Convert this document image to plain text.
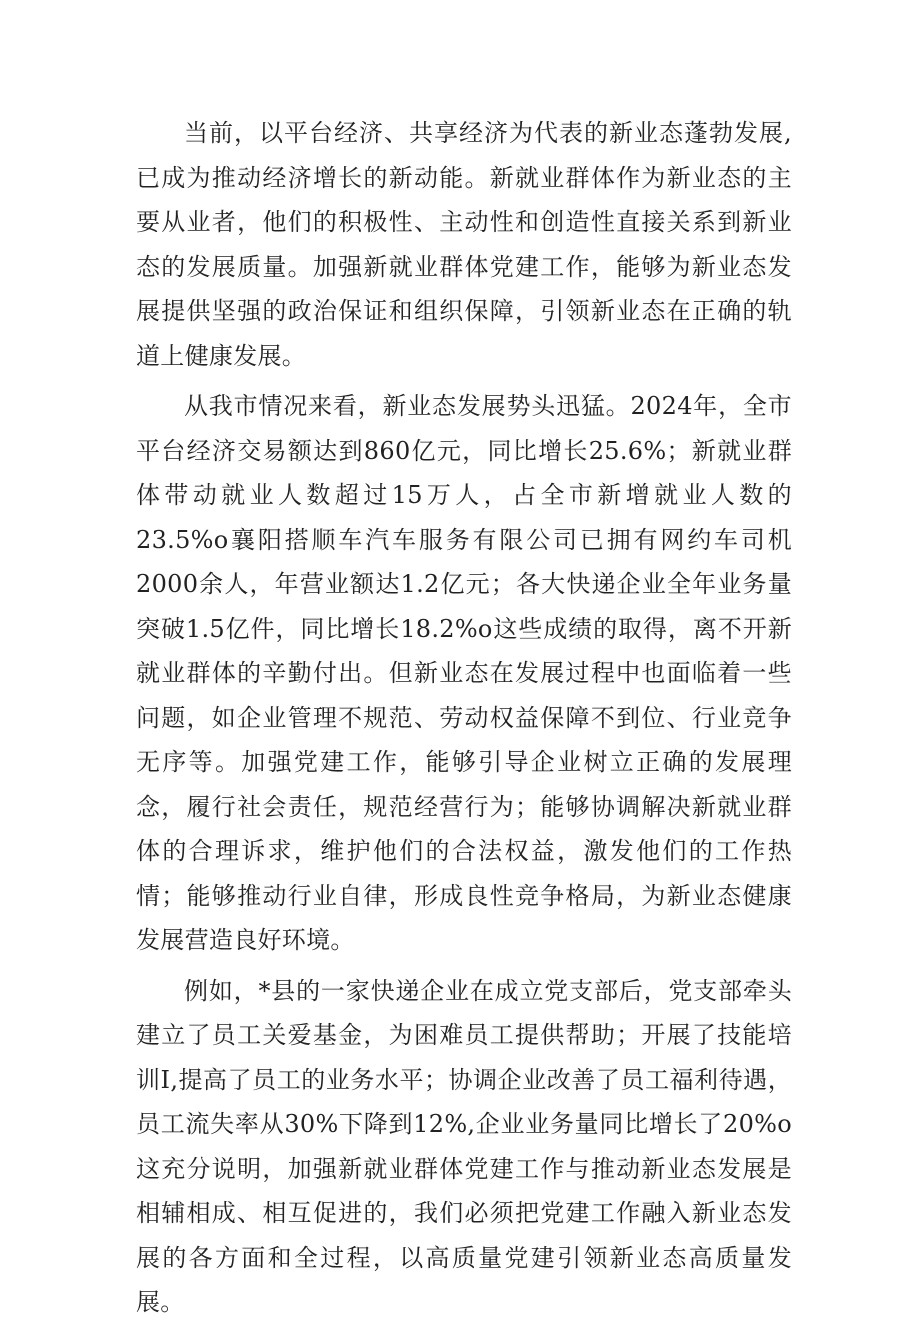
当前，以平台经济、共享经济为代表的新业态蓬勃发展,已成为推动经济增长的新动能。新就业群体作为新业态的主要从业者，他们的积极性、主动性和创造性直接关系到新业态的发展质量。加强新就业群体党建工作，能够为新业态发展提供坚强的政治保证和组织保障，引领新业态在正确的轨道上健康发展。

从我市情况来看，新业态发展势头迅猛。2024年，全市平台经济交易额达到860亿元，同比增长25.6%；新就业群体带动就业人数超过15万人，占全市新增就业人数的23.5%o襄阳搭顺车汽车服务有限公司已拥有网约车司机2000余人，年营业额达1.2亿元；各大快递企业全年业务量突破1.5亿件，同比增长18.2%o这些成绩的取得，离不开新就业群体的辛勤付出。但新业态在发展过程中也面临着一些问题，如企业管理不规范、劳动权益保障不到位、行业竞争无序等。加强党建工作，能够引导企业树立正确的发展理念，履行社会责任，规范经营行为；能够协调解决新就业群体的合理诉求，维护他们的合法权益，激发他们的工作热情；能够推动行业自律，形成良性竞争格局，为新业态健康发展营造良好环境。

例如，*县的一家快递企业在成立党支部后，党支部牵头建立了员工关爱基金，为困难员工提供帮助；开展了技能培训I,提高了员工的业务水平；协调企业改善了员工福利待遇，员工流失率从30%下降到12%,企业业务量同比增长了20%o这充分说明，加强新就业群体党建工作与推动新业态发展是相辅相成、相互促进的，我们必须把党建工作融入新业态发展的各方面和全过程，以高质量党建引领新业态高质量发展。
